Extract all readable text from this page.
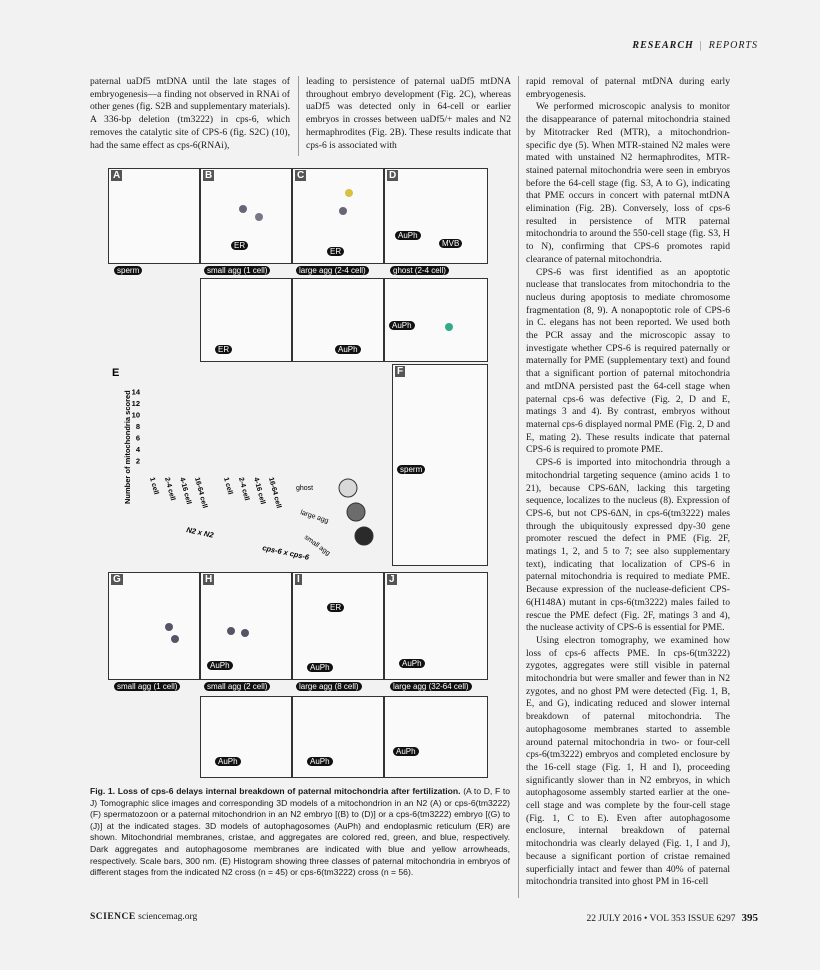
RESEARCH | REPORTS

paternal uaDf5 mtDNA until the late stages of embryogenesis—a finding not observed in RNAi of other genes (fig. S2B and supplementary materials). A 336-bp deletion (tm3222) in cps-6, which removes the catalytic site of CPS-6 (fig. S2C) (10), had the same effect as cps-6(RNAi),

leading to persistence of paternal uaDf5 mtDNA throughout embryo development (Fig. 2C), whereas uaDf5 was detected only in 64-cell or earlier embryos in crosses between uaDf5/+ males and N2 hermaphrodites (Fig. 2B). These results indicate that cps-6 is associated with

rapid removal of paternal mtDNA during early embryogenesis.

We performed microscopic analysis to monitor the disappearance of paternal mitochondria stained by Mitotracker Red (MTR), a mitochondrion-specific dye (5). When MTR-stained N2 males were mated with unstained N2 hermaphrodites, MTR-stained paternal mitochondria were seen in embryos before the 64-cell stage (fig. S3, A to G), indicating that PME occurs in concert with paternal mtDNA elimination (Fig. 2B). Conversely, loss of cps-6 resulted in persistence of MTR paternal mitochondria to around the 550-cell stage (fig. S3, H to N), confirming that CPS-6 promotes rapid clearance of paternal mitochondria.

CPS-6 was first identified as an apoptotic nuclease that translocates from mitochondria to the nucleus during apoptosis to mediate chromosome fragmentation (8, 9). A nonapoptotic role of CPS-6 in C. elegans has not been reported. We used both the PCR assay and the microscopic assay to investigate whether CPS-6 is required paternally or maternally for PME (supplementary text) and found that a significant portion of paternal mitochondria and mtDNA persisted past the 64-cell stage when paternal cps-6 was defective (Fig. 2, D and E, matings 3 and 4). By contrast, embryos without maternal cps-6 displayed normal PME (Fig. 2, D and E, mating 2). These results indicate that paternal CPS-6 is required to promote PME.

CPS-6 is imported into mitochondria through a mitochondrial targeting sequence (amino acids 1 to 21), because CPS-6ΔN, lacking this targeting sequence, localizes to the nucleus (8). Expression of CPS-6, but not CPS-6ΔN, in cps-6(tm3222) males through the ubiquitously expressed dpy-30 gene promoter rescued the defect in PME (Fig. 2F, matings 1, 2, and 5 to 7; see also supplementary text), indicating that localization of CPS-6 in paternal mitochondria is required to mediate PME. Because expression of the nuclease-deficient CPS-6(H148A) mutant in cps-6(tm3222) males failed to rescue the PME defect (Fig. 2F, matings 3 and 4), the nuclease activity of CPS-6 is essential for PME.

Using electron tomography, we examined how loss of cps-6 affects PME. In cps-6(tm3222) zygotes, aggregates were still visible in paternal mitochondria but were smaller and fewer than in N2 zygotes, and no ghost PM were detected (Fig. 1, B, E, and G), indicating reduced and slower internal breakdown of paternal mitochondria. The autophagosome membranes started to assemble around paternal mitochondria in two- or four-cell cps-6(tm3222) embryos and completed enclosure by the 16-cell stage (Fig. 1, H and I), proceeding significantly slower than in N2 embryos, in which autophagosome assembly started earlier at the one-cell stage and was complete by the four-cell stage (Fig. 1, C to E). Even after autophagosome enclosure, internal breakdown of paternal mitochondria was clearly delayed (Fig. 1, I and J), because a significant portion of cristae remained superficially intact and fewer than 40% of paternal mitochondria transited into ghost PM in 16-cell

A	B
ER
C
ER
D
AuPh
MVB
sperm	small agg (1 cell)	large agg (2-4 cell)	ghost (2-4 cell)
ER	AuPh
AuPh
E
Number of mitochondria scored 2
4
6
8
10
12
14
1 cell 2-4 cell 4-16 cell 16-64 cell 1 cell 2-4 cell 4-16 cell 16-64 cell
N2 x N2
cps-6 x cps-6
ghost
large agg
small agg
F
sperm
G	H
AuPh
I
ER
AuPh
J
AuPh
small agg (1 cell)	small agg (2 cell)	large agg (8 cell)	large agg (32-64 cell)
AuPh	AuPh
AuPh
Fig. 1. Loss of cps-6 delays internal breakdown of paternal mitochondria after fertilization. (A to D, F to J) Tomographic slice images and corresponding 3D models of a mitochondrion in an N2 (A) or cps-6(tm3222) (F) spermatozoon or a paternal mitochondrion in an N2 embryo [(B) to (D)] or a cps-6(tm3222) embryo [(G) to (J)] at the indicated stages. 3D models of autophagosomes (AuPh) and endoplasmic reticulum (ER) are shown. Mitochondrial membranes, cristae, and aggregates are colored red, green, and blue, respectively. Dark aggregates and autophagosome membranes are indicated with blue and yellow arrowheads, respectively. Scale bars, 300 nm. (E) Histogram showing three classes of paternal mitochondria in embryos of different stages from the indicated N2 cross (n = 45) or cps-6(tm3222) cross (n = 56).
SCIENCE sciencemag.org	22 JULY 2016 • VOL 353 ISSUE 6297 395
